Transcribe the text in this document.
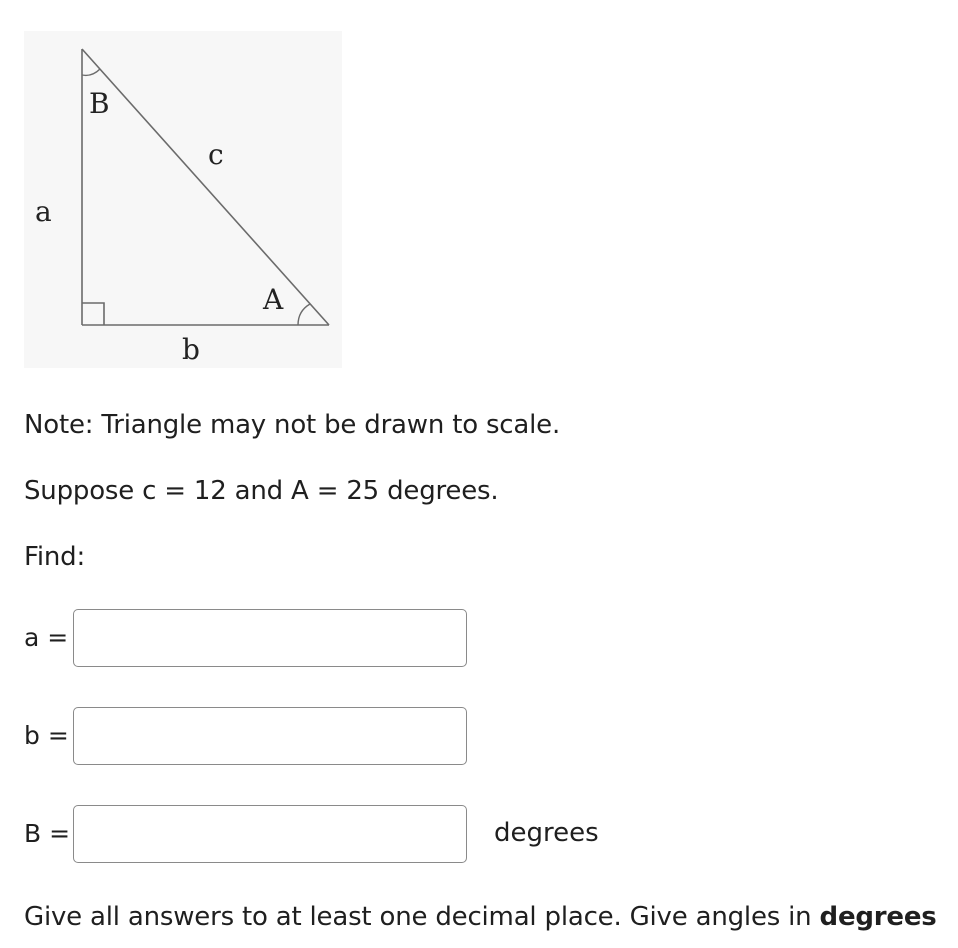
B
c
a
A
b

Note: Triangle may not be drawn to scale.

Suppose c = 12 and A = 25 degrees.

Find:

a =
b =
B =	degrees

Give all answers to at least one decimal place. Give angles in degrees
